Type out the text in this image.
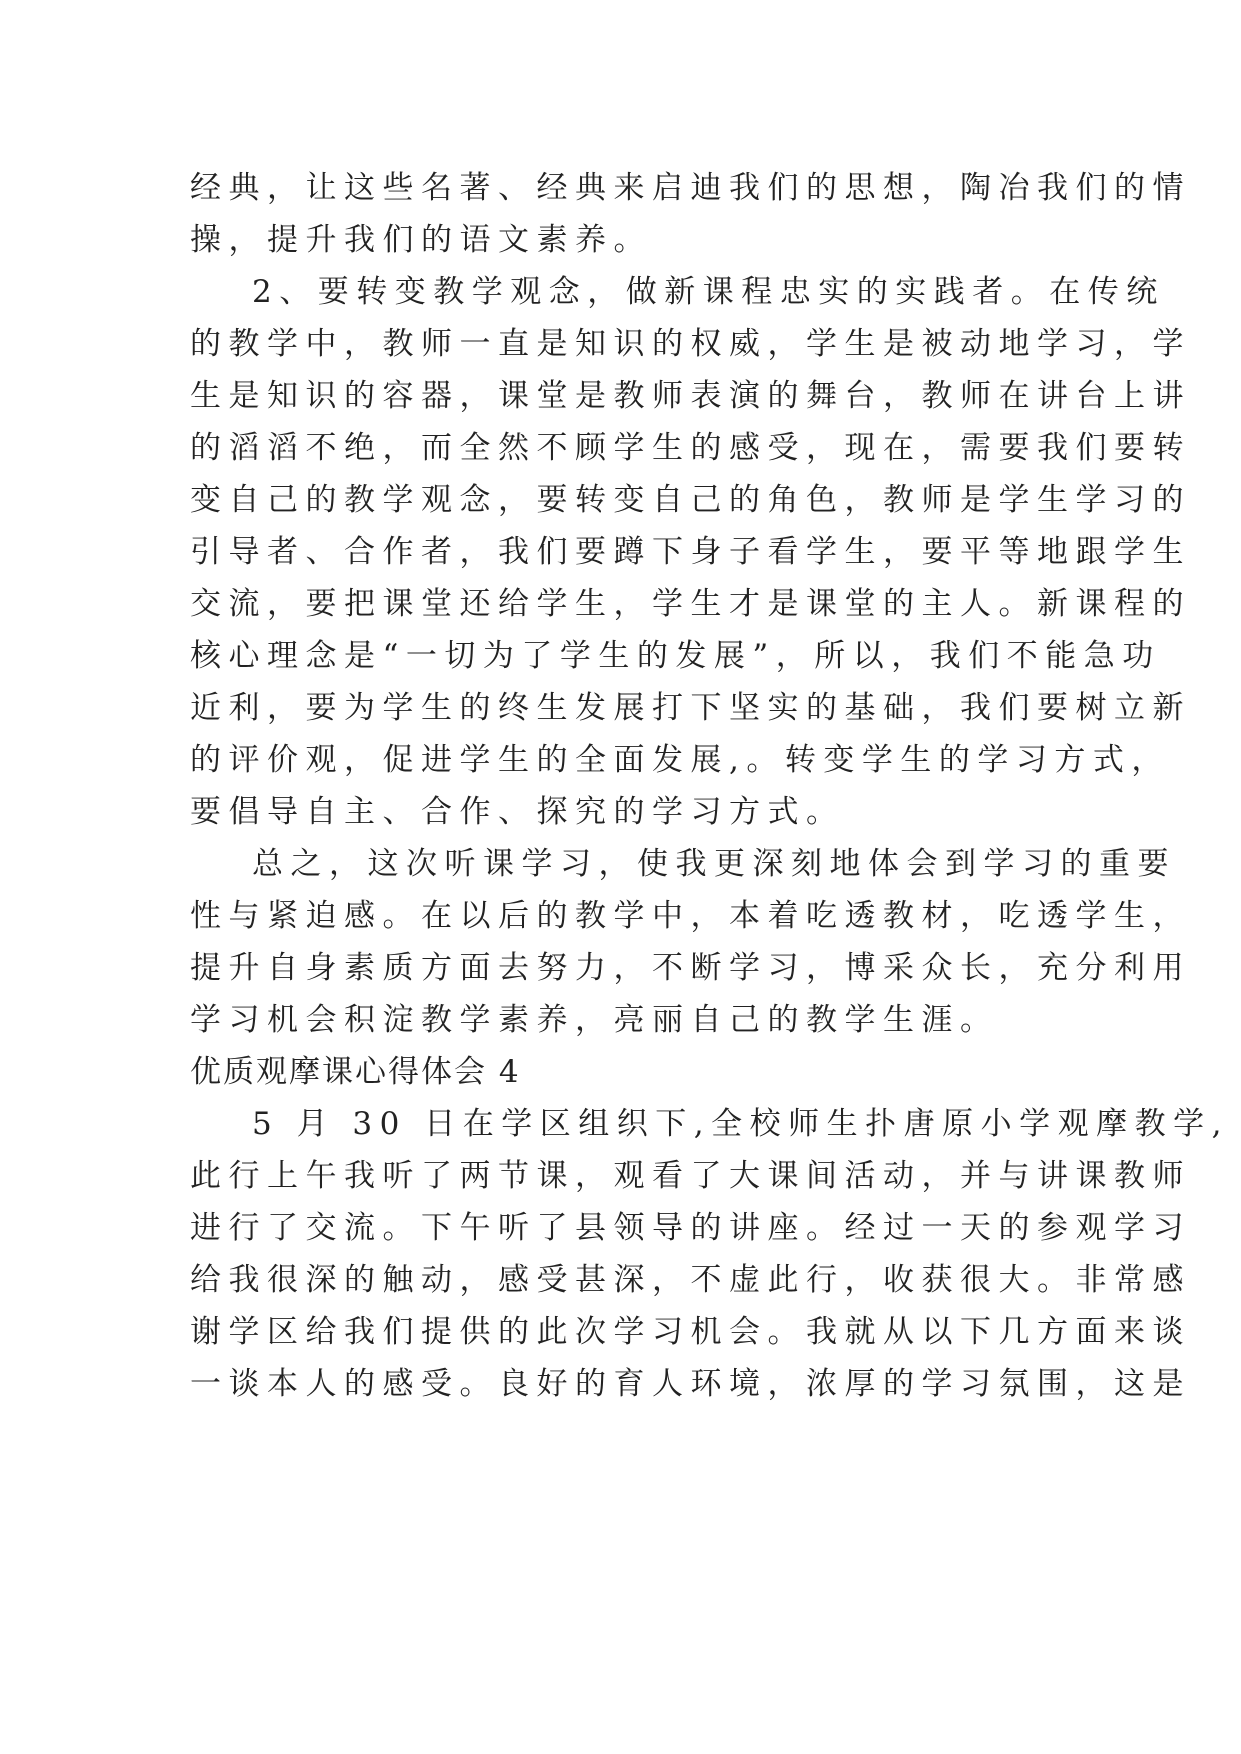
经典，让这些名著、经典来启迪我们的思想，陶冶我们的情
操，提升我们的语文素养。
2、要转变教学观念，做新课程忠实的实践者。在传统
的教学中，教师一直是知识的权威，学生是被动地学习，学
生是知识的容器，课堂是教师表演的舞台，教师在讲台上讲
的滔滔不绝，而全然不顾学生的感受，现在，需要我们要转
变自己的教学观念，要转变自己的角色，教师是学生学习的
引导者、合作者，我们要蹲下身子看学生，要平等地跟学生
交流，要把课堂还给学生，学生才是课堂的主人。新课程的
核心理念是“一切为了学生的发展”，所以，我们不能急功
近利，要为学生的终生发展打下坚实的基础，我们要树立新
的评价观，促进学生的全面发展,。转变学生的学习方式，
要倡导自主、合作、探究的学习方式。
总之，这次听课学习，使我更深刻地体会到学习的重要
性与紧迫感。在以后的教学中，本着吃透教材，吃透学生，
提升自身素质方面去努力，不断学习，博采众长，充分利用
学习机会积淀教学素养，亮丽自己的教学生涯。
优质观摩课心得体会 4
5 月 30 日在学区组织下,全校师生扑唐原小学观摩教学,
此行上午我听了两节课，观看了大课间活动，并与讲课教师
进行了交流。下午听了县领导的讲座。经过一天的参观学习
给我很深的触动，感受甚深，不虚此行，收获很大。非常感
谢学区给我们提供的此次学习机会。我就从以下几方面来谈
一谈本人的感受。良好的育人环境，浓厚的学习氛围，这是
